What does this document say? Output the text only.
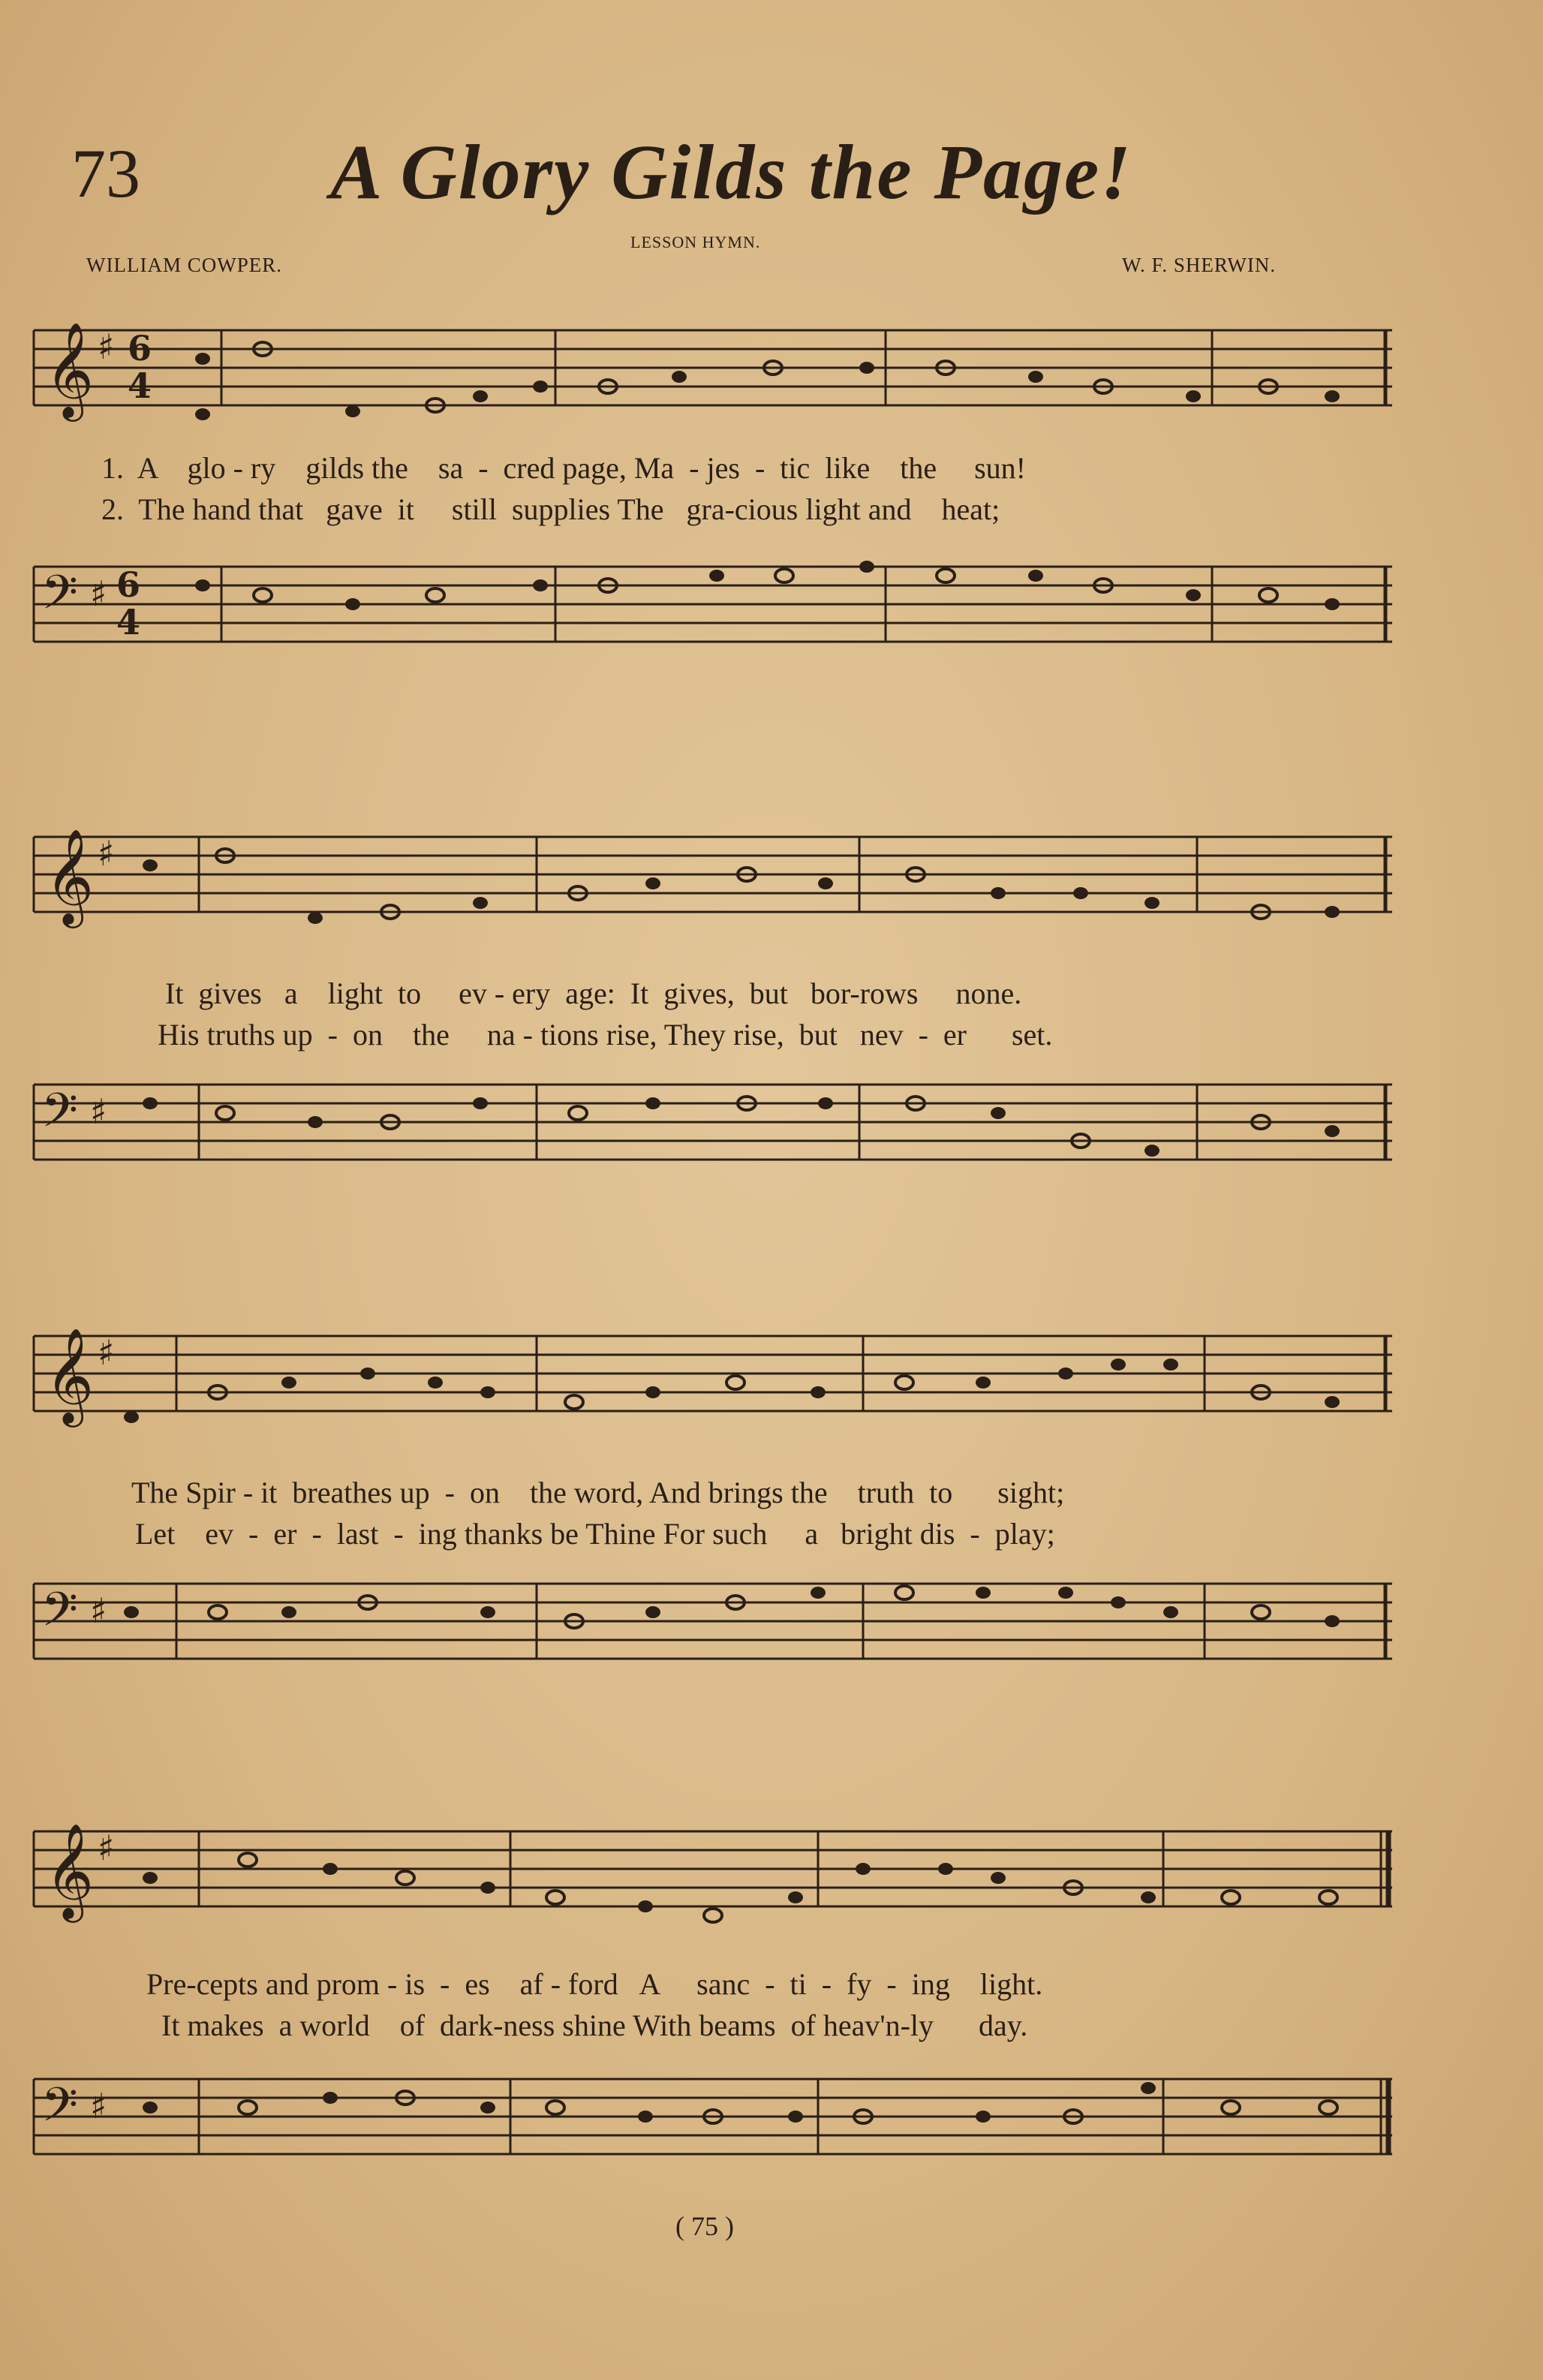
73 A Glory Gilds the Page!
LESSON HYMN.
WILLIAM COWPER.	W. F. SHERWIN.
𝄞 ♯ 6
4
1.  A    glo - ry    gilds the    sa  -  cred page, Ma  - jes  -  tic  like    the     sun!
2.  The hand that   gave  it     still  supplies The   gra-cious light and    heat;
𝄢 ♯ 6
4
𝄞 ♯
It  gives   a    light  to     ev - ery  age:  It  gives,  but   bor-rows     none.
His truths up  -  on    the     na - tions rise, They rise,  but   nev  -  er      set.
𝄢 ♯
𝄞 ♯
The Spir - it  breathes up  -  on    the word, And brings the    truth  to      sight;
Let    ev  -  er  -  last  -  ing thanks be Thine For such     a   bright dis  -  play;
𝄢 ♯
𝄞 ♯
Pre-cepts and prom - is  -  es    af - ford   A     sanc  -  ti  -  fy  -  ing    light.
It makes  a world    of  dark-ness shine With beams  of heav'n-ly      day.
𝄢 ♯
( 75 )
